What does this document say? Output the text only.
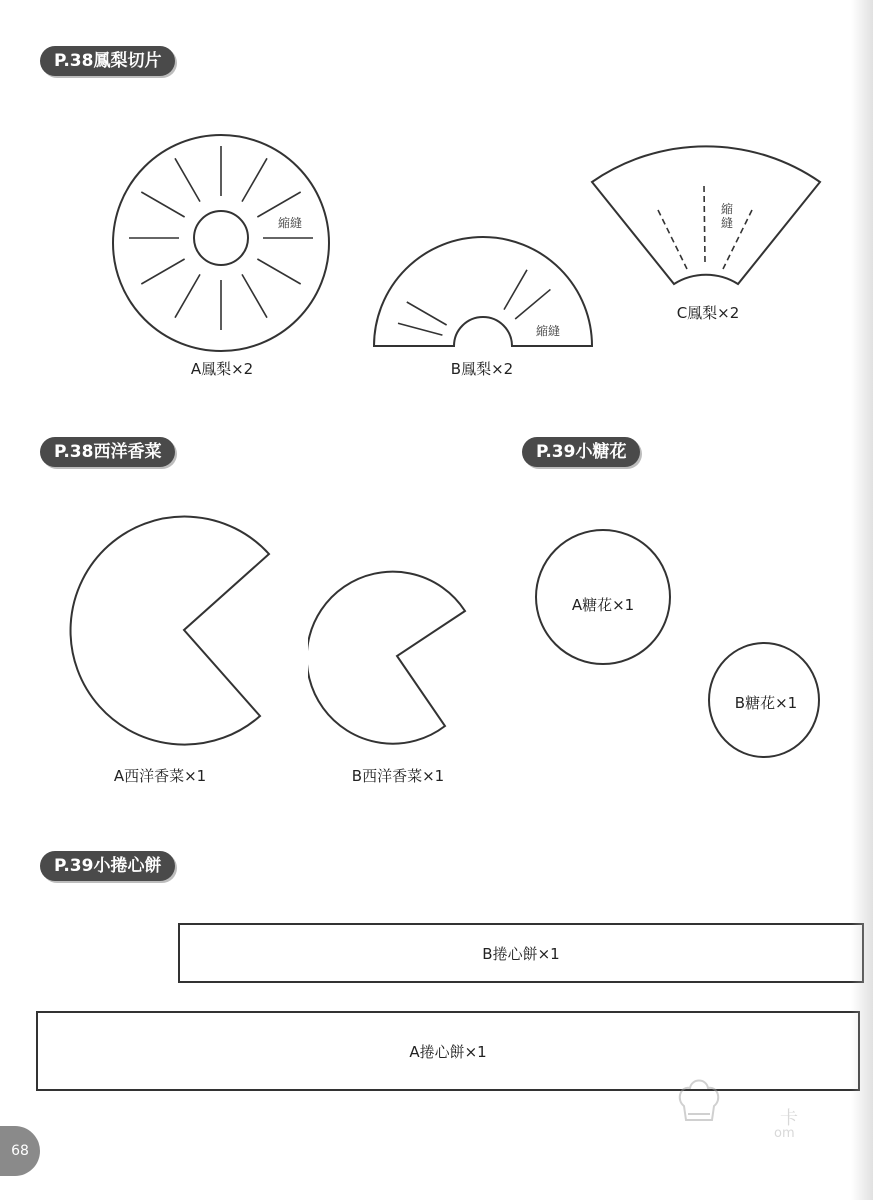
P.38鳳梨切片
縮縫
A鳳梨×2
縮縫
B鳳梨×2
縮縫
C鳳梨×2
P.38西洋香菜
A西洋香菜×1	B西洋香菜×1
P.39小糖花
A糖花×1
B糖花×1
P.39小捲心餅
B捲心餅×1
A捲心餅×1
卡
om
68
